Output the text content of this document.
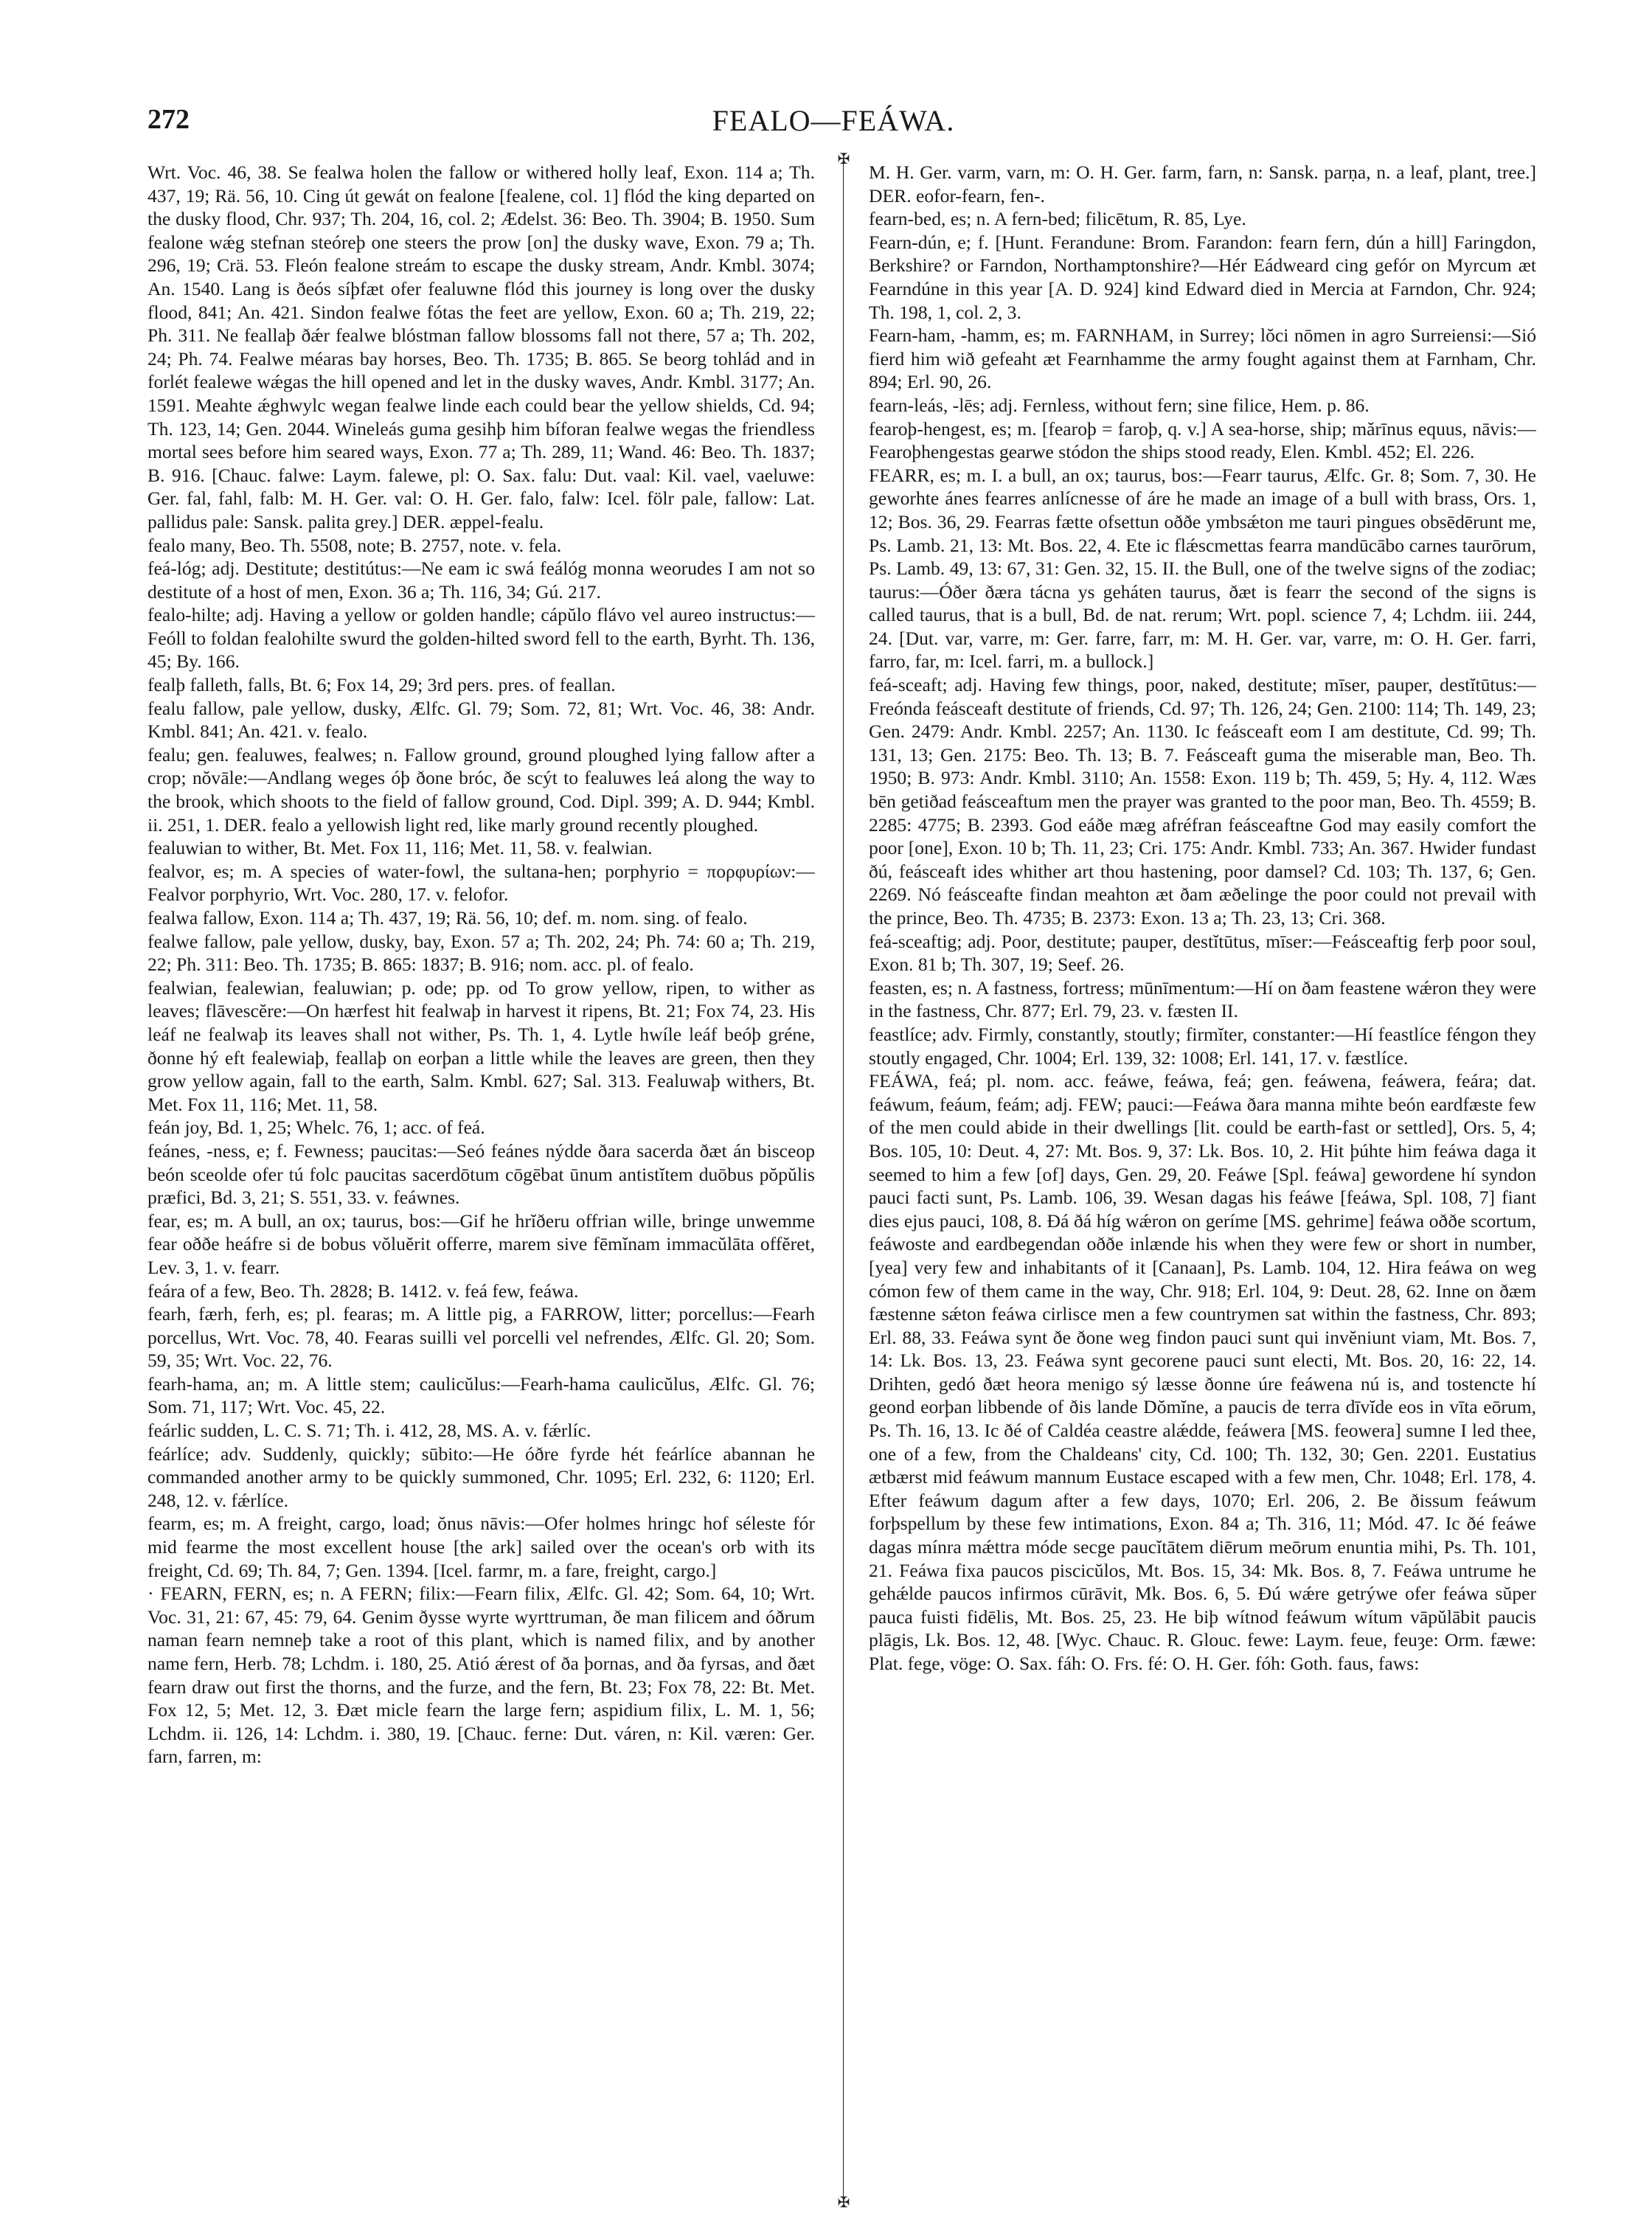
272	FEALO—FEÁWA.
✠
✠

Wrt. Voc. 46, 38. Se fealwa holen the fallow or withered holly leaf, Exon. 114 a; Th. 437, 19; Rä. 56, 10. Cing út gewát on fealone [fealene, col. 1] flód the king departed on the dusky flood, Chr. 937; Th. 204, 16, col. 2; Ædelst. 36: Beo. Th. 3904; B. 1950. Sum fealone wǽg stefnan steóreþ one steers the prow [on] the dusky wave, Exon. 79 a; Th. 296, 19; Crä. 53. Fleón fealone streám to escape the dusky stream, Andr. Kmbl. 3074; An. 1540. Lang is ðeós síþfæt ofer fealuwne flód this journey is long over the dusky flood, 841; An. 421. Sindon fealwe fótas the feet are yellow, Exon. 60 a; Th. 219, 22; Ph. 311. Ne feallaþ ðǽr fealwe blóstman fallow blossoms fall not there, 57 a; Th. 202, 24; Ph. 74. Fealwe méaras bay horses, Beo. Th. 1735; B. 865. Se beorg tohlád and in forlét fealewe wǽgas the hill opened and let in the dusky waves, Andr. Kmbl. 3177; An. 1591. Meahte ǽghwylc wegan fealwe linde each could bear the yellow shields, Cd. 94; Th. 123, 14; Gen. 2044. Wineleás guma gesihþ him bíforan fealwe wegas the friendless mortal sees before him seared ways, Exon. 77 a; Th. 289, 11; Wand. 46: Beo. Th. 1837; B. 916. [Chauc. falwe: Laym. falewe, pl: O. Sax. falu: Dut. vaal: Kil. vael, vaeluwe: Ger. fal, fahl, falb: M. H. Ger. val: O. H. Ger. falo, falw: Icel. fölr pale, fallow: Lat. pallidus pale: Sansk. palita grey.] DER. æppel-fealu.

fealo many, Beo. Th. 5508, note; B. 2757, note. v. fela.

feá-lóg; adj. Destitute; destitútus:—Ne eam ic swá feálóg monna weorudes I am not so destitute of a host of men, Exon. 36 a; Th. 116, 34; Gú. 217.

fealo-hilte; adj. Having a yellow or golden handle; cápŭlo flávo vel aureo instructus:—Feóll to foldan fealohilte swurd the golden-hilted sword fell to the earth, Byrht. Th. 136, 45; By. 166.

fealþ falleth, falls, Bt. 6; Fox 14, 29; 3rd pers. pres. of feallan.

fealu fallow, pale yellow, dusky, Ælfc. Gl. 79; Som. 72, 81; Wrt. Voc. 46, 38: Andr. Kmbl. 841; An. 421. v. fealo.

fealu; gen. fealuwes, fealwes; n. Fallow ground, ground ploughed lying fallow after a crop; nŏvāle:—Andlang weges óþ ðone bróc, ðe scýt to fealuwes leá along the way to the brook, which shoots to the field of fallow ground, Cod. Dipl. 399; A. D. 944; Kmbl. ii. 251, 1. DER. fealo a yellowish light red, like marly ground recently ploughed.

fealuwian to wither, Bt. Met. Fox 11, 116; Met. 11, 58. v. fealwian.

fealvor, es; m. A species of water-fowl, the sultana-hen; porphyrio = πορφυρίων:—Fealvor porphyrio, Wrt. Voc. 280, 17. v. felofor.

fealwa fallow, Exon. 114 a; Th. 437, 19; Rä. 56, 10; def. m. nom. sing. of fealo.

fealwe fallow, pale yellow, dusky, bay, Exon. 57 a; Th. 202, 24; Ph. 74: 60 a; Th. 219, 22; Ph. 311: Beo. Th. 1735; B. 865: 1837; B. 916; nom. acc. pl. of fealo.

fealwian, fealewian, fealuwian; p. ode; pp. od To grow yellow, ripen, to wither as leaves; flāvescĕre:—On hærfest hit fealwaþ in harvest it ripens, Bt. 21; Fox 74, 23. His leáf ne fealwaþ its leaves shall not wither, Ps. Th. 1, 4. Lytle hwíle leáf beóþ gréne, ðonne hý eft fealewiaþ, feallaþ on eorþan a little while the leaves are green, then they grow yellow again, fall to the earth, Salm. Kmbl. 627; Sal. 313. Fealuwaþ withers, Bt. Met. Fox 11, 116; Met. 11, 58.

feán joy, Bd. 1, 25; Whelc. 76, 1; acc. of feá.

feánes, -ness, e; f. Fewness; paucitas:—Seó feánes nýdde ðara sacerda ðæt án bisceop beón sceolde ofer tú folc paucitas sacerdōtum cōgēbat ūnum antistĭtem duōbus pŏpŭlis præfici, Bd. 3, 21; S. 551, 33. v. feáwnes.

fear, es; m. A bull, an ox; taurus, bos:—Gif he hrĭðeru offrian wille, bringe unwemme fear oððe heáfre si de bobus vŏluĕrit offerre, marem sive fēmĭnam immacŭlāta offĕret, Lev. 3, 1. v. fearr.

feára of a few, Beo. Th. 2828; B. 1412. v. feá few, feáwa.

fearh, færh, ferh, es; pl. fearas; m. A little pig, a FARROW, litter; porcellus:—Fearh porcellus, Wrt. Voc. 78, 40. Fearas suilli vel porcelli vel nefrendes, Ælfc. Gl. 20; Som. 59, 35; Wrt. Voc. 22, 76.

fearh-hama, an; m. A little stem; caulicŭlus:—Fearh-hama caulicŭlus, Ælfc. Gl. 76; Som. 71, 117; Wrt. Voc. 45, 22.

feárlic sudden, L. C. S. 71; Th. i. 412, 28, MS. A. v. fǽrlíc.

feárlíce; adv. Suddenly, quickly; sūbito:—He óðre fyrde hét feárlíce abannan he commanded another army to be quickly summoned, Chr. 1095; Erl. 232, 6: 1120; Erl. 248, 12. v. fǽrlíce.

fearm, es; m. A freight, cargo, load; ŏnus nāvis:—Ofer holmes hringc hof séleste fór mid fearme the most excellent house [the ark] sailed over the ocean's orb with its freight, Cd. 69; Th. 84, 7; Gen. 1394. [Icel. farmr, m. a fare, freight, cargo.]

· FEARN, FERN, es; n. A FERN; filix:—Fearn filix, Ælfc. Gl. 42; Som. 64, 10; Wrt. Voc. 31, 21: 67, 45: 79, 64. Genim ðysse wyrte wyrttruman, ðe man filicem and óðrum naman fearn nemneþ take a root of this plant, which is named filix, and by another name fern, Herb. 78; Lchdm. i. 180, 25. Atió ǽrest of ða þornas, and ða fyrsas, and ðæt fearn draw out first the thorns, and the furze, and the fern, Bt. 23; Fox 78, 22: Bt. Met. Fox 12, 5; Met. 12, 3. Ðæt micle fearn the large fern; aspidium filix, L. M. 1, 56; Lchdm. ii. 126, 14: Lchdm. i. 380, 19. [Chauc. ferne: Dut. váren, n: Kil. væren: Ger. farn, farren, m:

M. H. Ger. varm, varn, m: O. H. Ger. farm, farn, n: Sansk. parṇa, n. a leaf, plant, tree.] DER. eofor-fearn, fen-.

fearn-bed, es; n. A fern-bed; filicētum, R. 85, Lye.

Fearn-dún, e; f. [Hunt. Ferandune: Brom. Farandon: fearn fern, dún a hill] Faringdon, Berkshire? or Farndon, Northamptonshire?—Hér Eádweard cing gefór on Myrcum æt Fearndúne in this year [A. D. 924] kind Edward died in Mercia at Farndon, Chr. 924; Th. 198, 1, col. 2, 3.

Fearn-ham, -hamm, es; m. FARNHAM, in Surrey; lŏci nōmen in agro Surreiensi:—Sió fierd him wið gefeaht æt Fearnhamme the army fought against them at Farnham, Chr. 894; Erl. 90, 26.

fearn-leás, -lēs; adj. Fernless, without fern; sine filice, Hem. p. 86.

fearoþ-hengest, es; m. [fearoþ = faroþ, q. v.] A sea-horse, ship; mărīnus equus, nāvis:—Fearoþhengestas gearwe stódon the ships stood ready, Elen. Kmbl. 452; El. 226.

FEARR, es; m. I. a bull, an ox; taurus, bos:—Fearr taurus, Ælfc. Gr. 8; Som. 7, 30. He geworhte ánes fearres anlícnesse of áre he made an image of a bull with brass, Ors. 1, 12; Bos. 36, 29. Fearras fætte ofsettun oððe ymbsǽton me tauri pingues obsēdērunt me, Ps. Lamb. 21, 13: Mt. Bos. 22, 4. Ete ic flǽscmettas fearra mandūcābo carnes taurōrum, Ps. Lamb. 49, 13: 67, 31: Gen. 32, 15. II. the Bull, one of the twelve signs of the zodiac; taurus:—Óðer ðæra tácna ys geháten taurus, ðæt is fearr the second of the signs is called taurus, that is a bull, Bd. de nat. rerum; Wrt. popl. science 7, 4; Lchdm. iii. 244, 24. [Dut. var, varre, m: Ger. farre, farr, m: M. H. Ger. var, varre, m: O. H. Ger. farri, farro, far, m: Icel. farri, m. a bullock.]

feá-sceaft; adj. Having few things, poor, naked, destitute; mīser, pauper, destĭtūtus:—Freónda feásceaft destitute of friends, Cd. 97; Th. 126, 24; Gen. 2100: 114; Th. 149, 23; Gen. 2479: Andr. Kmbl. 2257; An. 1130. Ic feásceaft eom I am destitute, Cd. 99; Th. 131, 13; Gen. 2175: Beo. Th. 13; B. 7. Feásceaft guma the miserable man, Beo. Th. 1950; B. 973: Andr. Kmbl. 3110; An. 1558: Exon. 119 b; Th. 459, 5; Hy. 4, 112. Wæs bēn getiðad feásceaftum men the prayer was granted to the poor man, Beo. Th. 4559; B. 2285: 4775; B. 2393. God eáðe mæg afréfran feásceaftne God may easily comfort the poor [one], Exon. 10 b; Th. 11, 23; Cri. 175: Andr. Kmbl. 733; An. 367. Hwider fundast ðú, feásceaft ides whither art thou hastening, poor damsel? Cd. 103; Th. 137, 6; Gen. 2269. Nó feásceafte findan meahton æt ðam æðelinge the poor could not prevail with the prince, Beo. Th. 4735; B. 2373: Exon. 13 a; Th. 23, 13; Cri. 368.

feá-sceaftig; adj. Poor, destitute; pauper, destĭtūtus, mīser:—Feásceaftig ferþ poor soul, Exon. 81 b; Th. 307, 19; Seef. 26.

feasten, es; n. A fastness, fortress; mūnīmentum:—Hí on ðam feastene wǽron they were in the fastness, Chr. 877; Erl. 79, 23. v. fæsten II.

feastlíce; adv. Firmly, constantly, stoutly; firmĭter, constanter:—Hí feastlíce féngon they stoutly engaged, Chr. 1004; Erl. 139, 32: 1008; Erl. 141, 17. v. fæstlíce.

FEÁWA, feá; pl. nom. acc. feáwe, feáwa, feá; gen. feáwena, feáwera, feára; dat. feáwum, feáum, feám; adj. FEW; pauci:—Feáwa ðara manna mihte beón eardfæste few of the men could abide in their dwellings [lit. could be earth-fast or settled], Ors. 5, 4; Bos. 105, 10: Deut. 4, 27: Mt. Bos. 9, 37: Lk. Bos. 10, 2. Hit þúhte him feáwa daga it seemed to him a few [of] days, Gen. 29, 20. Feáwe [Spl. feáwa] gewordene hí syndon pauci facti sunt, Ps. Lamb. 106, 39. Wesan dagas his feáwe [feáwa, Spl. 108, 7] fiant dies ejus pauci, 108, 8. Ðá ðá híg wǽron on geríme [MS. gehrime] feáwa oððe scortum, feáwoste and eardbegendan oððe inlænde his when they were few or short in number, [yea] very few and inhabitants of it [Canaan], Ps. Lamb. 104, 12. Hira feáwa on weg cómon few of them came in the way, Chr. 918; Erl. 104, 9: Deut. 28, 62. Inne on ðæm fæstenne sǽton feáwa cirlisce men a few countrymen sat within the fastness, Chr. 893; Erl. 88, 33. Feáwa synt ðe ðone weg findon pauci sunt qui invĕniunt viam, Mt. Bos. 7, 14: Lk. Bos. 13, 23. Feáwa synt gecorene pauci sunt electi, Mt. Bos. 20, 16: 22, 14. Drihten, gedó ðæt heora menigo sý læsse ðonne úre feáwena nú is, and tostencte hí geond eorþan libbende of ðis lande Dŏmĭne, a paucis de terra dīvĭde eos in vīta eōrum, Ps. Th. 16, 13. Ic ðé of Caldéa ceastre alǽdde, feáwera [MS. feowera] sumne I led thee, one of a few, from the Chaldeans' city, Cd. 100; Th. 132, 30; Gen. 2201. Eustatius ætbærst mid feáwum mannum Eustace escaped with a few men, Chr. 1048; Erl. 178, 4. Efter feáwum dagum after a few days, 1070; Erl. 206, 2. Be ðissum feáwum forþspellum by these few intimations, Exon. 84 a; Th. 316, 11; Mód. 47. Ic ðé feáwe dagas mínra mǽttra móde secge paucĭtātem diērum meōrum enuntia mihi, Ps. Th. 101, 21. Feáwa fixa paucos piscicŭlos, Mt. Bos. 15, 34: Mk. Bos. 8, 7. Feáwa untrume he gehǽlde paucos infirmos cūrāvit, Mk. Bos. 6, 5. Ðú wǽre getrýwe ofer feáwa sŭper pauca fuisti fidēlis, Mt. Bos. 25, 23. He biþ wítnod feáwum wítum vāpŭlābit paucis plāgis, Lk. Bos. 12, 48. [Wyc. Chauc. R. Glouc. fewe: Laym. feue, feuȝe: Orm. fæwe: Plat. fege, vöge: O. Sax. fáh: O. Frs. fé: O. H. Ger. fóh: Goth. faus, faws:
